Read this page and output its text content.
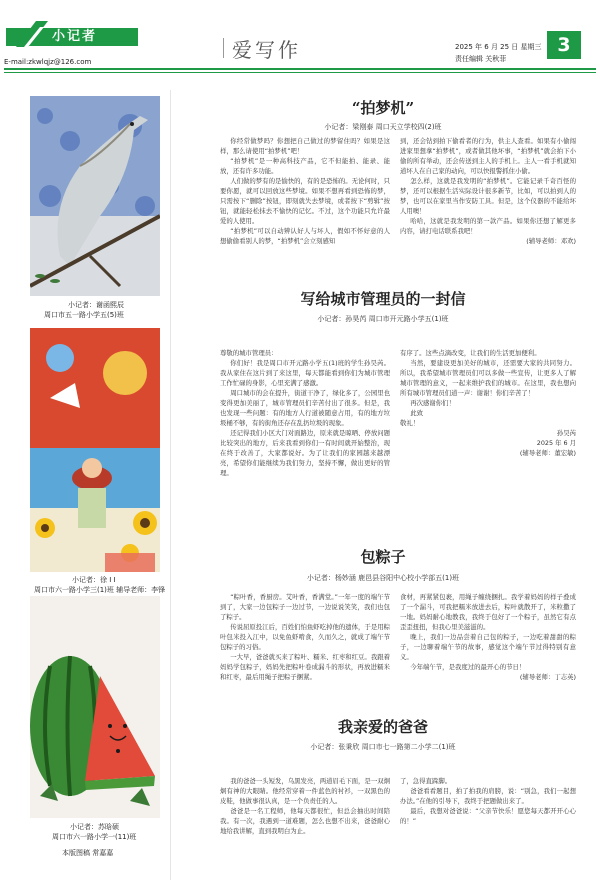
小记者
E-mail:zkwlqjz@126.com	爱写作	2025 年 6 月 25 日 星期三
责任编辑 关秋菲
3
小记者：谢函熙辰
周口市五一路小学五(5)班
小记者：徐 I I
周口市六一路小学三(1)班 辅导老师：李锋
小记者：苏晗硕
周口市六一路小学一(11)班
本版图稿 常嘉嘉
“拍梦机”
小记者：梁刚泰 周口天立学校四(2)班

你经常做梦吗？你想把自己做过的梦留住吗？如果是这样，那么请使用“拍梦机”吧！

“拍梦机”是一种高科技产品，它不但能拍、能录、能放，还有许多功能。

人们做的梦有的是愉快的，有的是恐怖的。无论何时，只要你愿，就可以回放这些梦境。如果不想再看到恐怖的梦，只需按下“删除”按钮，即刻就失去梦境，或者按下“剪辑”按钮，就能轻松抹去不愉快的记忆。不过，这个功能只允许最爱的人使用。

“拍梦机”可以自动辨认好人与坏人，假如不怀好意的人想偷偷看别人的梦，“拍梦机”会立刻感知

到，还会钻到拍下偷看者的行为，供主人查看。如果有小偷闯进家里想拿“拍梦机”，或者做其他坏事，“拍梦机”就会拍下小偷的所有举动，还会传送到主人的手机上。主人一看手机就知道坏人在自己家的动向，可以快报警抓住小偷。

怎么样，这就是我发明的“拍梦机”。它能记录千奇百怪的梦，还可以根据生活实际设计很多新节，比如，可以拍到人的梦，也可以在家里当作安防工具。但是，这个仪器的不能给坏人用噢！

哈哈，这就是我发明的第一款产品。如果你还想了解更多内容，请打电话联系我吧！

(辅导老师：邓欢)

写给城市管理员的一封信
小记者：孙昊芮 周口市开元路小学五(1)班

尊敬的城市管理员：

你们好！我是周口市开元路小学五(1)班的学生孙昊芮。我从家住在这片到了来这里，每天都能看到你们为城市管理工作忙碌的身影，心里充满了感激。

周口城市的会在提升，街道干净了，绿化多了，公园里也变得更加美丽了，城市管理员们辛苦付出了很多。但是，我也发现一些问题：有的地方人行道被随意占用，有的地方垃圾桶不够，有的街角还存在乱扔垃圾的现象。

还记得我们小区大门对面路边，原来就是晾晒、停放问题比较突出的地方，后来我看到你们一有时间就开始整治，现在终于改善了，大家都说好。为了让我们的家园越来越漂亮，希望你们能继续为我们努力，坚持不懈，做出更好的管理。

有序了。这些点滴改变，让我们的生活更加便利。

当然，要建设更加美好的城市，还需要大家的共同努力。所以，我希望城市管理员们可以多做一些宣传，让更多人了解城市管理的意义，一起来维护我们的城市。在这里，我也想向所有城市管理员们道一声：谢谢！你们辛苦了！

再次感谢你们！

此致

敬礼！

孙昊芮

2025 年 6 月

(辅导老师：董宏敏)

包粽子
小记者：杨妙涵 鹿邑县谷阳中心校小学部五(1)班

“粽叶香，香厨房。艾叶香，香满堂。”一年一度的端午节到了，大家一边包粽子一边过节，一边说说笑笑，我们也包了粽子。

传说屈原投江后，百姓们怕鱼虾吃掉他的遗体，于是用粽叶包米投入江中，以免鱼虾啃食，久而久之，就成了端午节包粽子的习俗。

一大早，爸爸就买来了粽叶、糯米、红枣和红豆。我跟着妈妈学包粽子，妈妈先把粽叶卷成漏斗的形状，再放进糯米和红枣，最后用绳子把粽子捆紧。

食材，再紧紧包裹，用绳子缠绕捆扎。我学着妈妈的样子叠成了一个漏斗，可我把糯米放进去后，粽叶就散开了，米粒撒了一地。妈妈耐心地教我，我终于包好了一个粽子，虽然它有点歪歪扭扭，但我心里美滋滋的。

晚上，我们一边品尝着自己包的粽子，一边吃着甜甜的粽子，一边聊着端午节的故事，感觉这个端午节过得特别有意义。

今年端午节，是我度过的最开心的节日！

(辅导老师：丁志英)

我亲爱的爸爸
小记者：张秉欣 周口市七一路第二小学二(1)班

我的爸爸一头短发，乌黑发亮，两道眉毛下面，是一双炯炯有神的大眼睛。他经常穿着一件蓝色的衬衫，一双黑色的皮鞋，他做事很认真，是一个负责任的人。

爸爸是一名工程师，他每天都很忙，但总会抽出时间陪我。有一次，我遇到一道难题，怎么也想不出来，爸爸耐心地给我讲解，直到我明白为止。

了，急得直跺脚。

爸爸看看题目，拍了拍我的肩膀，说：“别急，我们一起想办法。”在他的引导下，我终于把题做出来了。

最后，我想对爸爸说：“父亲节快乐！愿您每天都开开心心的！”
